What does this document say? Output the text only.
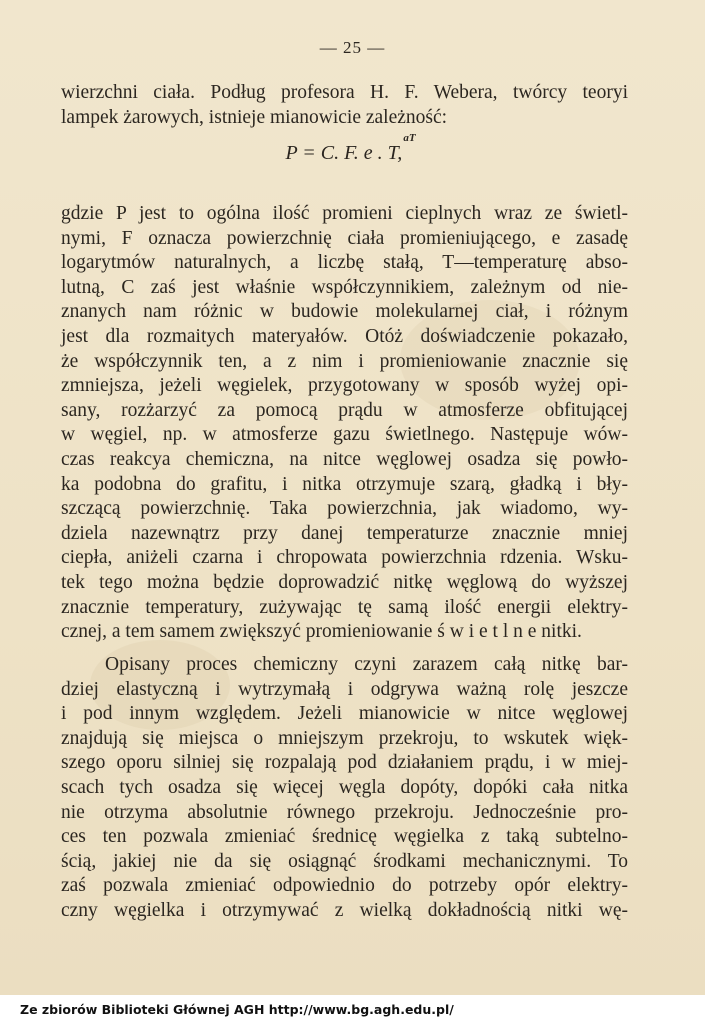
— 25 —
wierzchni ciała. Podług profesora H. F. Webera, twórcy teoryi
lampek żarowych, istnieje mianowicie zależność:
P = C. F. e . T, $^{aT}$
gdzie P jest to ogólna ilość promieni cieplnych wraz ze świetl-
nymi, F oznacza powierzchnię ciała promieniującego, e zasadę
logarytmów naturalnych, a liczbę stałą, T—temperaturę abso-
lutną, C zaś jest właśnie współczynnikiem, zależnym od nie-
znanych nam różnic w budowie molekularnej ciał, i różnym
jest dla rozmaitych materyałów. Otóż doświadczenie pokazało,
że współczynnik ten, a z nim i promieniowanie znacznie się
zmniejsza, jeżeli węgielek, przygotowany w sposób wyżej opi-
sany, rozżarzyć za pomocą prądu w atmosferze obfitującej
w węgiel, np. w atmosferze gazu świetlnego. Następuje wów-
czas reakcya chemiczna, na nitce węglowej osadza się powło-
ka podobna do grafitu, i nitka otrzymuje szarą, gładką i bły-
szczącą powierzchnię. Taka powierzchnia, jak wiadomo, wy-
dziela nazewnątrz przy danej temperaturze znacznie mniej
ciepła, aniżeli czarna i chropowata powierzchnia rdzenia. Wsku-
tek tego można będzie doprowadzić nitkę węglową do wyższej
znacznie temperatury, zużywając tę samą ilość energii elektry-
cznej, a tem samem zwiększyć promieniowanie ś w i e t l n e nitki.
Opisany proces chemiczny czyni zarazem całą nitkę bar-
dziej elastyczną i wytrzymałą i odgrywa ważną rolę jeszcze
i pod innym względem. Jeżeli mianowicie w nitce węglowej
znajdują się miejsca o mniejszym przekroju, to wskutek więk-
szego oporu silniej się rozpalają pod działaniem prądu, i w miej-
scach tych osadza się więcej węgla dopóty, dopóki cała nitka
nie otrzyma absolutnie równego przekroju. Jednocześnie pro-
ces ten pozwala zmieniać średnicę węgielka z taką subtelno-
ścią, jakiej nie da się osiągnąć środkami mechanicznymi. To
zaś pozwala zmieniać odpowiednio do potrzeby opór elektry-
czny węgielka i otrzymywać z wielką dokładnością nitki wę-
Ze zbiorów Biblioteki Głównej AGH http://www.bg.agh.edu.pl/
